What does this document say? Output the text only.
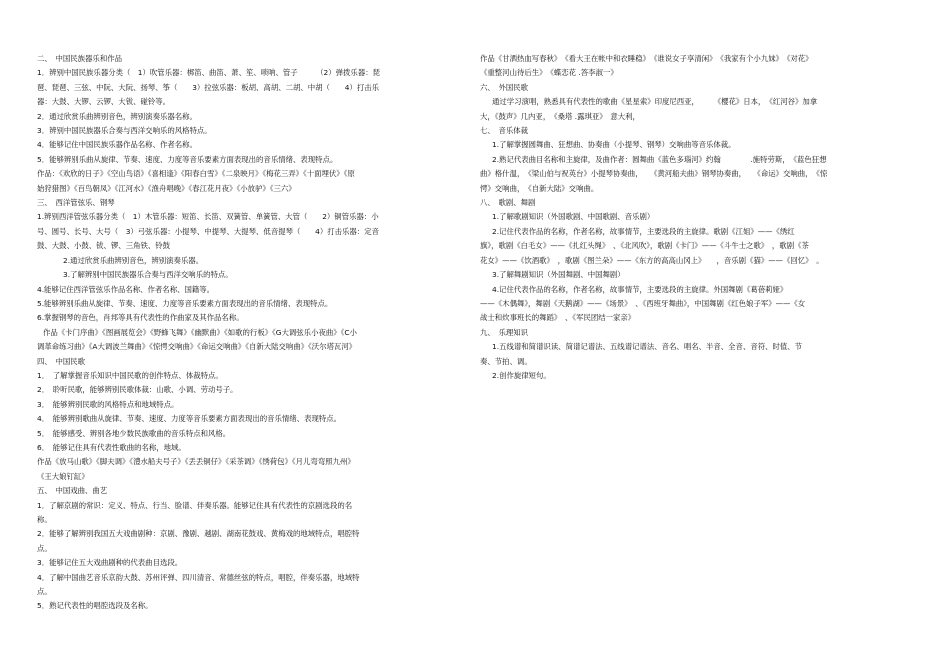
二、　中国民族器乐和作品
1．辨别中国民族乐器分类（　1）吹管乐器：梆笛、曲笛、萧、笙、唢呐、管子　　　（2）弹拨乐器：琵
琶、琵琶、三弦、中阮、大阮、扬琴、筝（　　3）拉弦乐器：板胡、高胡、二胡、中胡（　　4）打击乐
器：大鼓、大锣、云锣、大钹、碰铃等。
2．通过欣赏乐曲辨别音色，辨别演奏乐器名称。
3．辨别中国民族器乐合奏与西洋交响乐的风格特点。
4．能够记住中国民族乐器作品名称、作者名称。
5．能够辨别乐曲从旋律、节奏、速度、力度等音乐要素方面表现出的音乐情绪、表现特点。
作品：《欢欣的日子》《空山鸟语》《喜相逢》《阳春白雪》《二泉映月》《梅花三弄》《十面埋伏》《原
始狩猎图》《百鸟朝凤》《江河水》《渔舟唱晚》《春江花月夜》《小放驴》《三六》
三、　西洋管弦乐、钢琴
1.辨别西洋管弦乐器分类（　1）木管乐器：短笛、长笛、双簧管、单簧管、大管（　　2）铜管乐器：小
号、圆号、长号、大号（　3）弓弦乐器：小提琴、中提琴、大提琴、低音提琴（　　4）打击乐器：定音
鼓、大鼓、小鼓、钹、锣、三角铁、铃鼓
2.通过欣赏乐曲辨别音色，辨别演奏乐器。
3.了解辨别中国民族器乐合奏与西洋交响乐的特点。
4.能够记住西洋管弦乐作品名称、作者名称、国籍等。
5.能够辨别乐曲从旋律、节奏、速度、力度等音乐要素方面表现出的音乐情绪、表现特点。
6.掌握钢琴的音色，肖邦等具有代表性的作曲家及其作品名称。
作品《卡门序曲》《图画展览会》《野蜂飞舞》《幽默曲》《如歌的行板》《G大调弦乐小夜曲》《C小
调革命练习曲》《A大调波兰舞曲》《惊愕交响曲》《命运交响曲》《自新大陆交响曲》《沃尔塔瓦河》
四、　中国民歌
1．　了解掌握音乐知识中国民歌的创作特点、体裁特点。
2．　聆听民歌，能够辨别民歌体裁：山歌、小调、劳动号子。
3．　能够辨别民歌的风格特点和地域特点。
4．　能够辨别歌曲从旋律、节奏、速度、力度等音乐要素方面表现出的音乐情绪、表现特点。
5．　能够感受、辨别各地少数民族歌曲的音乐特点和风格。
6．　能够记住具有代表性歌曲的名称，地域。
作品《放马山歌》《脚夫调》《澧水船夫号子》《丢丢铜仔》《采茶调》《绣荷包》《月儿弯弯照九州》
《王大娘钉缸》
五、　中国戏曲、曲艺
1．了解京剧的常识：定义、特点、行当、脸谱、伴奏乐器。能够记住具有代表性的京剧选段的名
称。
2．能够了解辨别我国五大戏曲剧种：京剧、豫剧、越剧、湖南花鼓戏、黄梅戏的地域特点，唱腔特
点。
3．能够记住五大戏曲剧种的代表曲目选段。
4．了解中国曲艺音乐京韵大鼓、苏州评弹、四川清音、常德丝弦的特点，唱腔，伴奏乐器，地域特
点。
5．熟记代表性的唱腔选段及名称。
作品《甘洒热血写春秋》　《看大王在帐中和衣睡稳》　《谁说女子享清闲》　《我家有个小九妹》　《对花》
《重整河山待后生》　《蝶恋花 .答李淑一》
六、　外国民歌
通过学习演唱，熟悉具有代表性的歌曲《星星索》印度尼西亚，　　　《樱花》日本，　《红河谷》加拿
大，《鼓声》几内亚，　《桑塔 .露琪亚》　意大利，
七、　音乐体裁
1.了解掌握圆舞曲、狂想曲、协奏曲（小提琴、钢琴）交响曲等音乐体裁。
2.熟记代表曲目名称和主旋律，及曲作者：圆舞曲《蓝色多瑙河》约翰　　　　.施特劳斯，　《蓝色狂想
曲》格什温，　《梁山伯与祝英台》小提琴协奏曲，　　《黄河船夫曲》钢琴协奏曲，　　《命运》交响曲，　《惊
愕》交响曲，　《自新大陆》交响曲。
八、　歌剧、舞剧
1.了解歌剧知识（外国歌剧、中国歌剧、音乐剧）
2.记住代表作品的名称，作者名称，故事情节，主要选段的主旋律。歌剧《江姐》——《绣红
旗》，歌剧《白毛女》——《扎红头绳》　、《北风吹》，歌剧《卡门》——《斗牛士之歌》　，歌剧《茶
花女》——《饮酒歌》　，歌剧《图兰朵》——《东方的高高山冈上》　　，音乐剧《猫》——《回忆》　。
3.了解舞剧知识（外国舞剧、中国舞剧）
4.记住代表作品的名称，作者名称，故事情节，主要选段的主旋律。外国舞剧《葛蓓莉娅》
——《木偶舞》，舞剧《天鹅湖》——《场景》　、《西班牙舞曲》，中国舞剧《红色娘子军》——《女
战士和炊事班长的舞蹈》　、《军民团结一家亲》
九、　乐理知识
1.五线谱和简谱识读、简谱记谱法、五线谱记谱法、音名、唱名、半音、全音、音符、时值、节
奏、节拍、调。
2.创作旋律短句。
